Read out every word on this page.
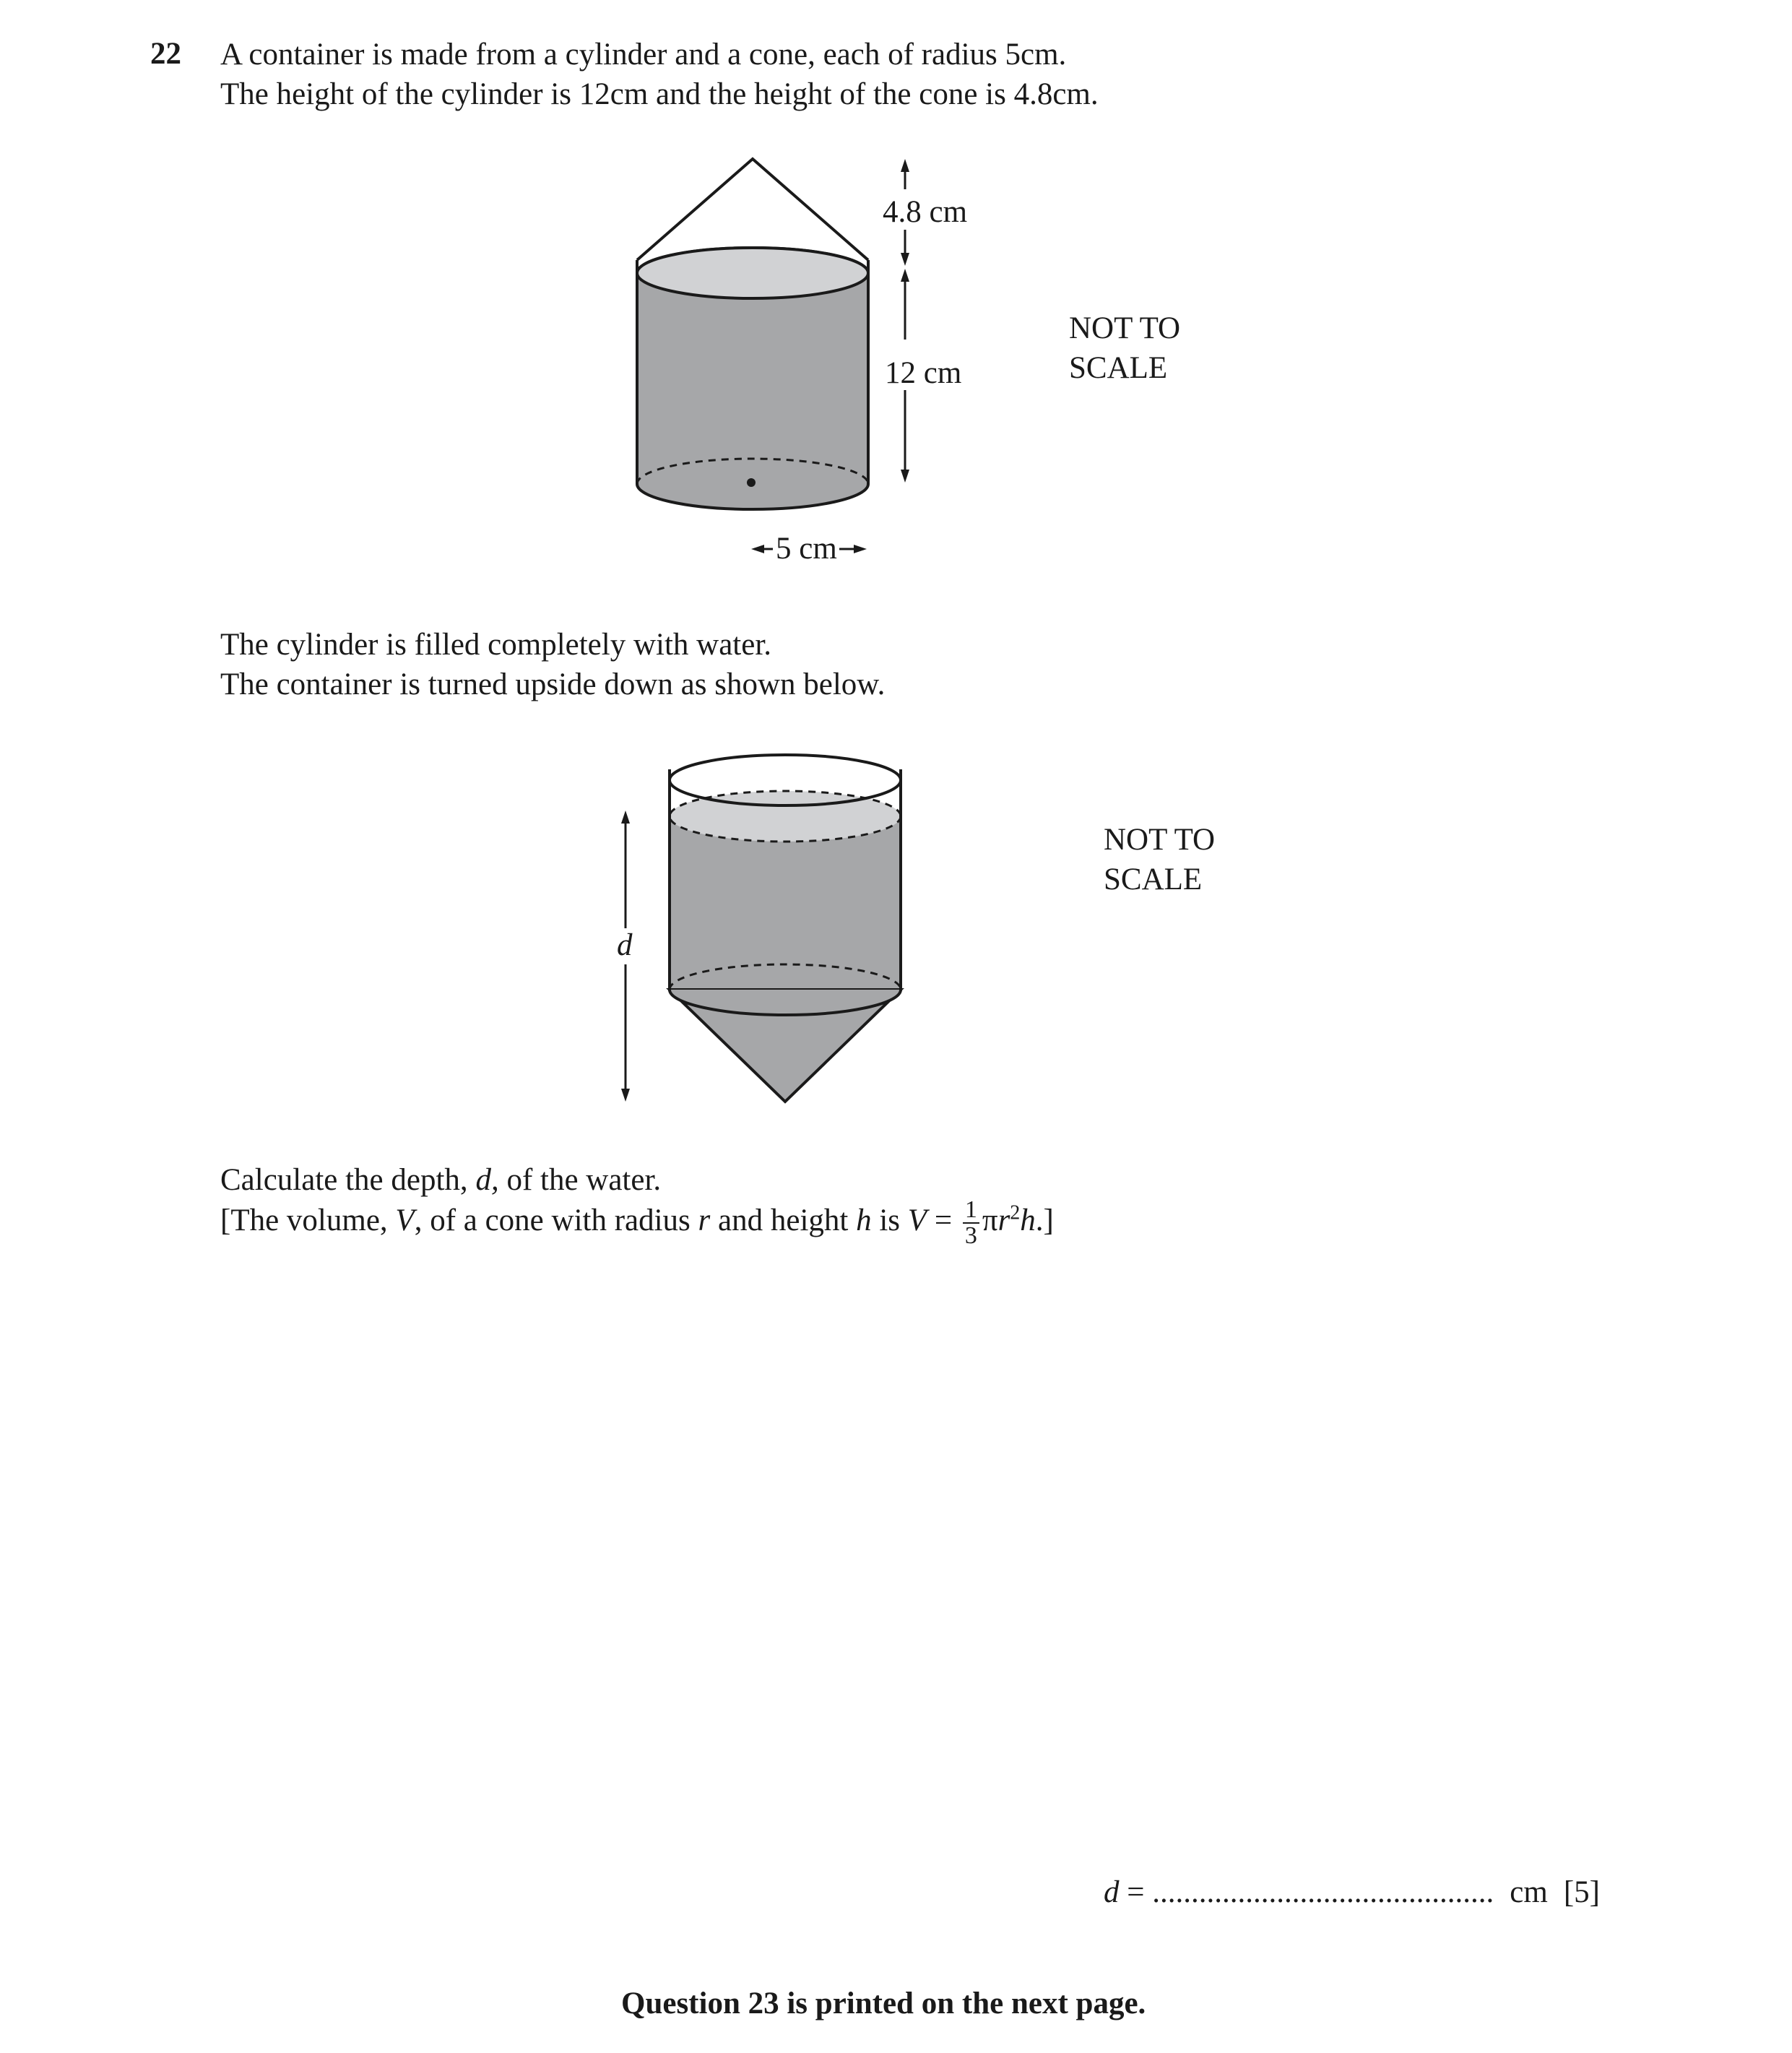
22 A container is made from a cylinder and a cone, each of radius 5cm.
The height of the cylinder is 12cm and the height of the cone is 4.8cm.
4.8 cm
12 cm
5 cm
NOT TO
SCALE
The cylinder is filled completely with water.
The container is turned upside down as shown below.
d
NOT TO
SCALE
Calculate the depth, d, of the water.
[The volume, V, of a cone with radius r and height h is $V = \frac{1}{3} \pi r^2h$.]
d = ............................................ cm [5]
Question 23 is printed on the next page.
